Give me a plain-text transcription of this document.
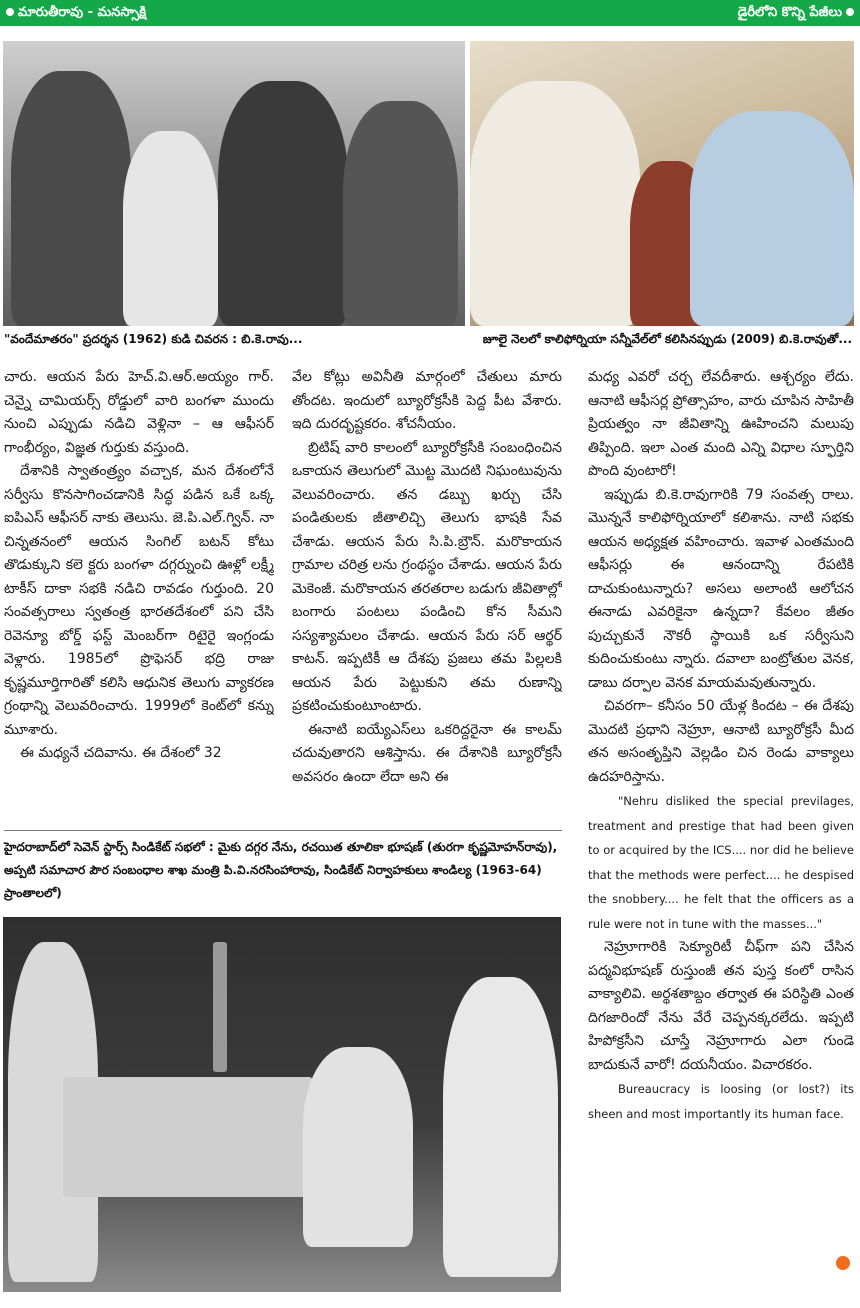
మారుతీరావు - మనస్సాక్షి	డైరీలోని కొన్ని పేజీలు
"వందేమాతరం" ప్రదర్శన (1962) కుడి చివరన : బి.కె.రావు...	జూలై నెలలో కాలిఫోర్నియా సన్నీవేల్‌లో కలిసినప్పుడు (2009) బి.కె.రావుతో...

చారు. ఆయన పేరు హెచ్.వి.ఆర్.అయ్యం గార్. చెన్నై చామియర్స్ రోడ్డులో వారి బంగళా ముందు నుంచి ఎప్పుడు నడిచి వెళ్లినా – ఆ ఆఫీసర్ గాంభీర్యం, విజ్ఞత గుర్తుకు వస్తుంది.

దేశానికి స్వాతంత్ర్యం వచ్చాక, మన దేశంలోనే సర్వీసు కొనసాగించడానికి సిద్ధ పడిన ఒకే ఒక్క ఐపిఎస్ ఆఫీసర్ నాకు తెలుసు. జె.పి.ఎల్.గ్విన్. నా చిన్నతనంలో ఆయన సింగిల్ బటన్ కోటు తొడుక్కుని కలె క్టరు బంగళా దగ్గర్నుంచి ఊళ్లో లక్ష్మీ టాకీస్ దాకా సభకి నడిచి రావడం గుర్తుంది. 20 సంవత్సరాలు స్వతంత్ర భారతదేశంలో పని చేసి రెవెన్యూ బోర్డ్ ఫస్ట్ మెంబర్‌గా రిటైరై ఇంగ్లండు వెళ్లారు. 1985లో ప్రొఫెసర్ భద్రి రాజు కృష్ణమూర్తిగారితో కలిసి ఆధునిక తెలుగు వ్యాకరణ గ్రంథాన్ని వెలువరించారు. 1999లో కెంట్‌లో కన్ను మూశారు.

ఈ మధ్యనే చదివాను. ఈ దేశంలో 32

వేల కోట్లు అవినీతి మార్గంలో చేతులు మారు తోందట. ఇందులో బ్యూరోక్రసీకి పెద్ద పీట వేశారు. ఇది దురదృష్టకరం. శోచనీయం.

బ్రిటిష్ వారి కాలంలో బ్యూరోక్రసీకి సంబంధించిన ఒకాయన తెలుగులో మొట్ట మొదటి నిఘంటువును వెలువరించారు. తన డబ్బు ఖర్చు చేసి పండితులకు జీతాలిచ్చి తెలుగు భాషకి సేవ చేశాడు. ఆయన పేరు సి.పి.బ్రౌన్. మరొకాయన గ్రామాల చరిత్ర లను గ్రంథస్థం చేశాడు. ఆయన పేరు మెకెంజీ. మరొకాయన తరతరాల బడుగు జీవితాల్లో బంగారు పంటలు పండించి కోన సీమని సస్యశ్యామలం చేశాడు. ఆయన పేరు సర్ ఆర్థర్ కాటన్. ఇప్పటికీ ఆ దేశపు ప్రజలు తమ పిల్లలకి ఆయన పేరు పెట్టుకుని తమ రుణాన్ని ప్రకటించుకుంటూంటారు.

ఈనాటి ఐయ్యేఎస్‌లు ఒకరిద్దరైనా ఈ కాలమ్ చదువుతారని ఆశిస్తాను. ఈ దేశానికి బ్యూరోక్రసీ అవసరం ఉందా లేదా అని ఈ

హైదరాబాద్‌లో సెవెన్ స్టార్స్ సిండికేట్ సభలో : మైకు దగ్గర నేను, రచయిత తూలికా భూషణ్ (తురగా కృష్ణమోహన్‌రావు), అప్పటి సమాచార పౌర సంబంధాల శాఖ మంత్రి పి.వి.నరసింహారావు, సిండికేట్ నిర్వాహకులు శాండిల్య (1963-64) ప్రాంతాలలో)

మధ్య ఎవరో చర్చ లేవదీశారు. ఆశ్చర్యం లేదు. ఆనాటి ఆఫీసర్ల ప్రోత్సాహం, వారు చూపిన సాహితీ ప్రియత్వం నా జీవితాన్ని ఊహించని మలుపు తిప్పింది. ఇలా ఎంత మంది ఎన్ని విధాల స్ఫూర్తిని పొంది వుంటారో!

ఇప్పుడు బి.కె.రావుగారికి 79 సంవత్స రాలు. మొన్ననే కాలిఫోర్నియాలో కలిశాను. నాటి సభకు ఆయన అధ్యక్షత వహించారు. ఇవాళ ఎంతమంది ఆఫీసర్లు ఈ ఆనందాన్ని రేపటికి దాచుకుంటున్నారు? అసలు అలాంటి ఆలోచన ఈనాడు ఎవరికైనా ఉన్నదా? కేవలం జీతం పుచ్చుకునే నౌకరీ స్థాయికి ఒక సర్వీసుని కుదించుకుంటు న్నారు. దవాలా బంట్రోతుల వెనక, డాబు దర్పాల వెనక మాయమవుతున్నారు.

చివరగా– కనీసం 50 యేళ్ల కిందట – ఈ దేశపు మొదటి ప్రధాని నెహ్రూ, ఆనాటి బ్యూరోక్రసీ మీద తన అసంతృప్తిని వెల్లడిం చిన రెండు వాక్యాలు ఉదహరిస్తాను.

"Nehru disliked the special previlages, treatment and prestige that had been given to or acquired by the ICS.... nor did he believe that the methods were perfect.... he despised the snobbery.... he felt that the officers as a rule were not in tune with the masses..."

నెహ్రూగారికి సెక్యూరిటీ చీఫ్‌గా పని చేసిన పద్మవిభూషణ్ రుస్తుంజీ తన పుస్త కంలో రాసిన వాక్యాలివి. అర్థశతాబ్దం తర్వాత ఈ పరిస్థితి ఎంత దిగజారిందో నేను వేరే చెప్పనక్కరలేదు. ఇప్పటి హిపోక్రసీని చూస్తే నెహ్రూగారు ఎలా గుండె బాదుకునే వారో! దయనీయం. విచారకరం.

Bureaucracy is loosing (or lost?) its sheen and most importantly its human face.
